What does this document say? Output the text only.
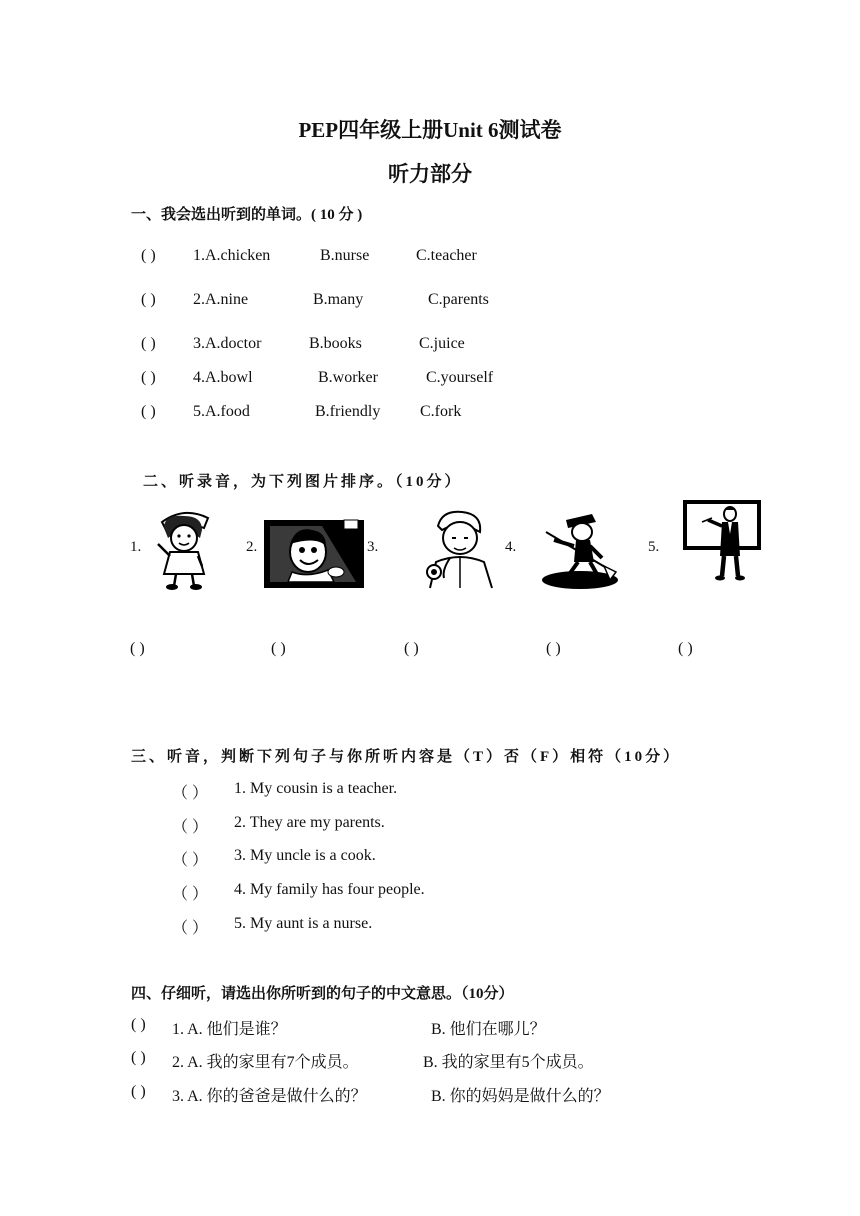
PEP四年级上册Unit 6测试卷
听力部分
一、我会选出听到的单词。( 10 分 )
( ) 1.A.chicken	B.nurse	C.teacher
( ) 2.A.nine	B.many	C.parents
( ) 3.A.doctor	B.books	C.juice
( ) 4.A.bowl	B.worker	C.yourself
( ) 5.A.food	B.friendly C.fork
二、听录音，为下列图片排序。（10分）
1.	2.	3.	4.	5.
( )	( )	( )	( )	( )
三、听音，判断下列句子与你所听内容是（T）否（F）相符（10分）
（ ） 1. My cousin is a teacher.
（ ） 2. They are my parents.
（ ） 3. My uncle is a cook.
（ ） 4. My family has four people.
（ ） 5. My aunt is a nurse.
四、仔细听，请选出你所听到的句子的中文意思。（10分）
( ) 1. A. 他们是谁？	B. 他们在哪儿？
( ) 2. A. 我的家里有7个成员。	B. 我的家里有5个成员。
( ) 3. A. 你的爸爸是做什么的？	B. 你的妈妈是做什么的？
